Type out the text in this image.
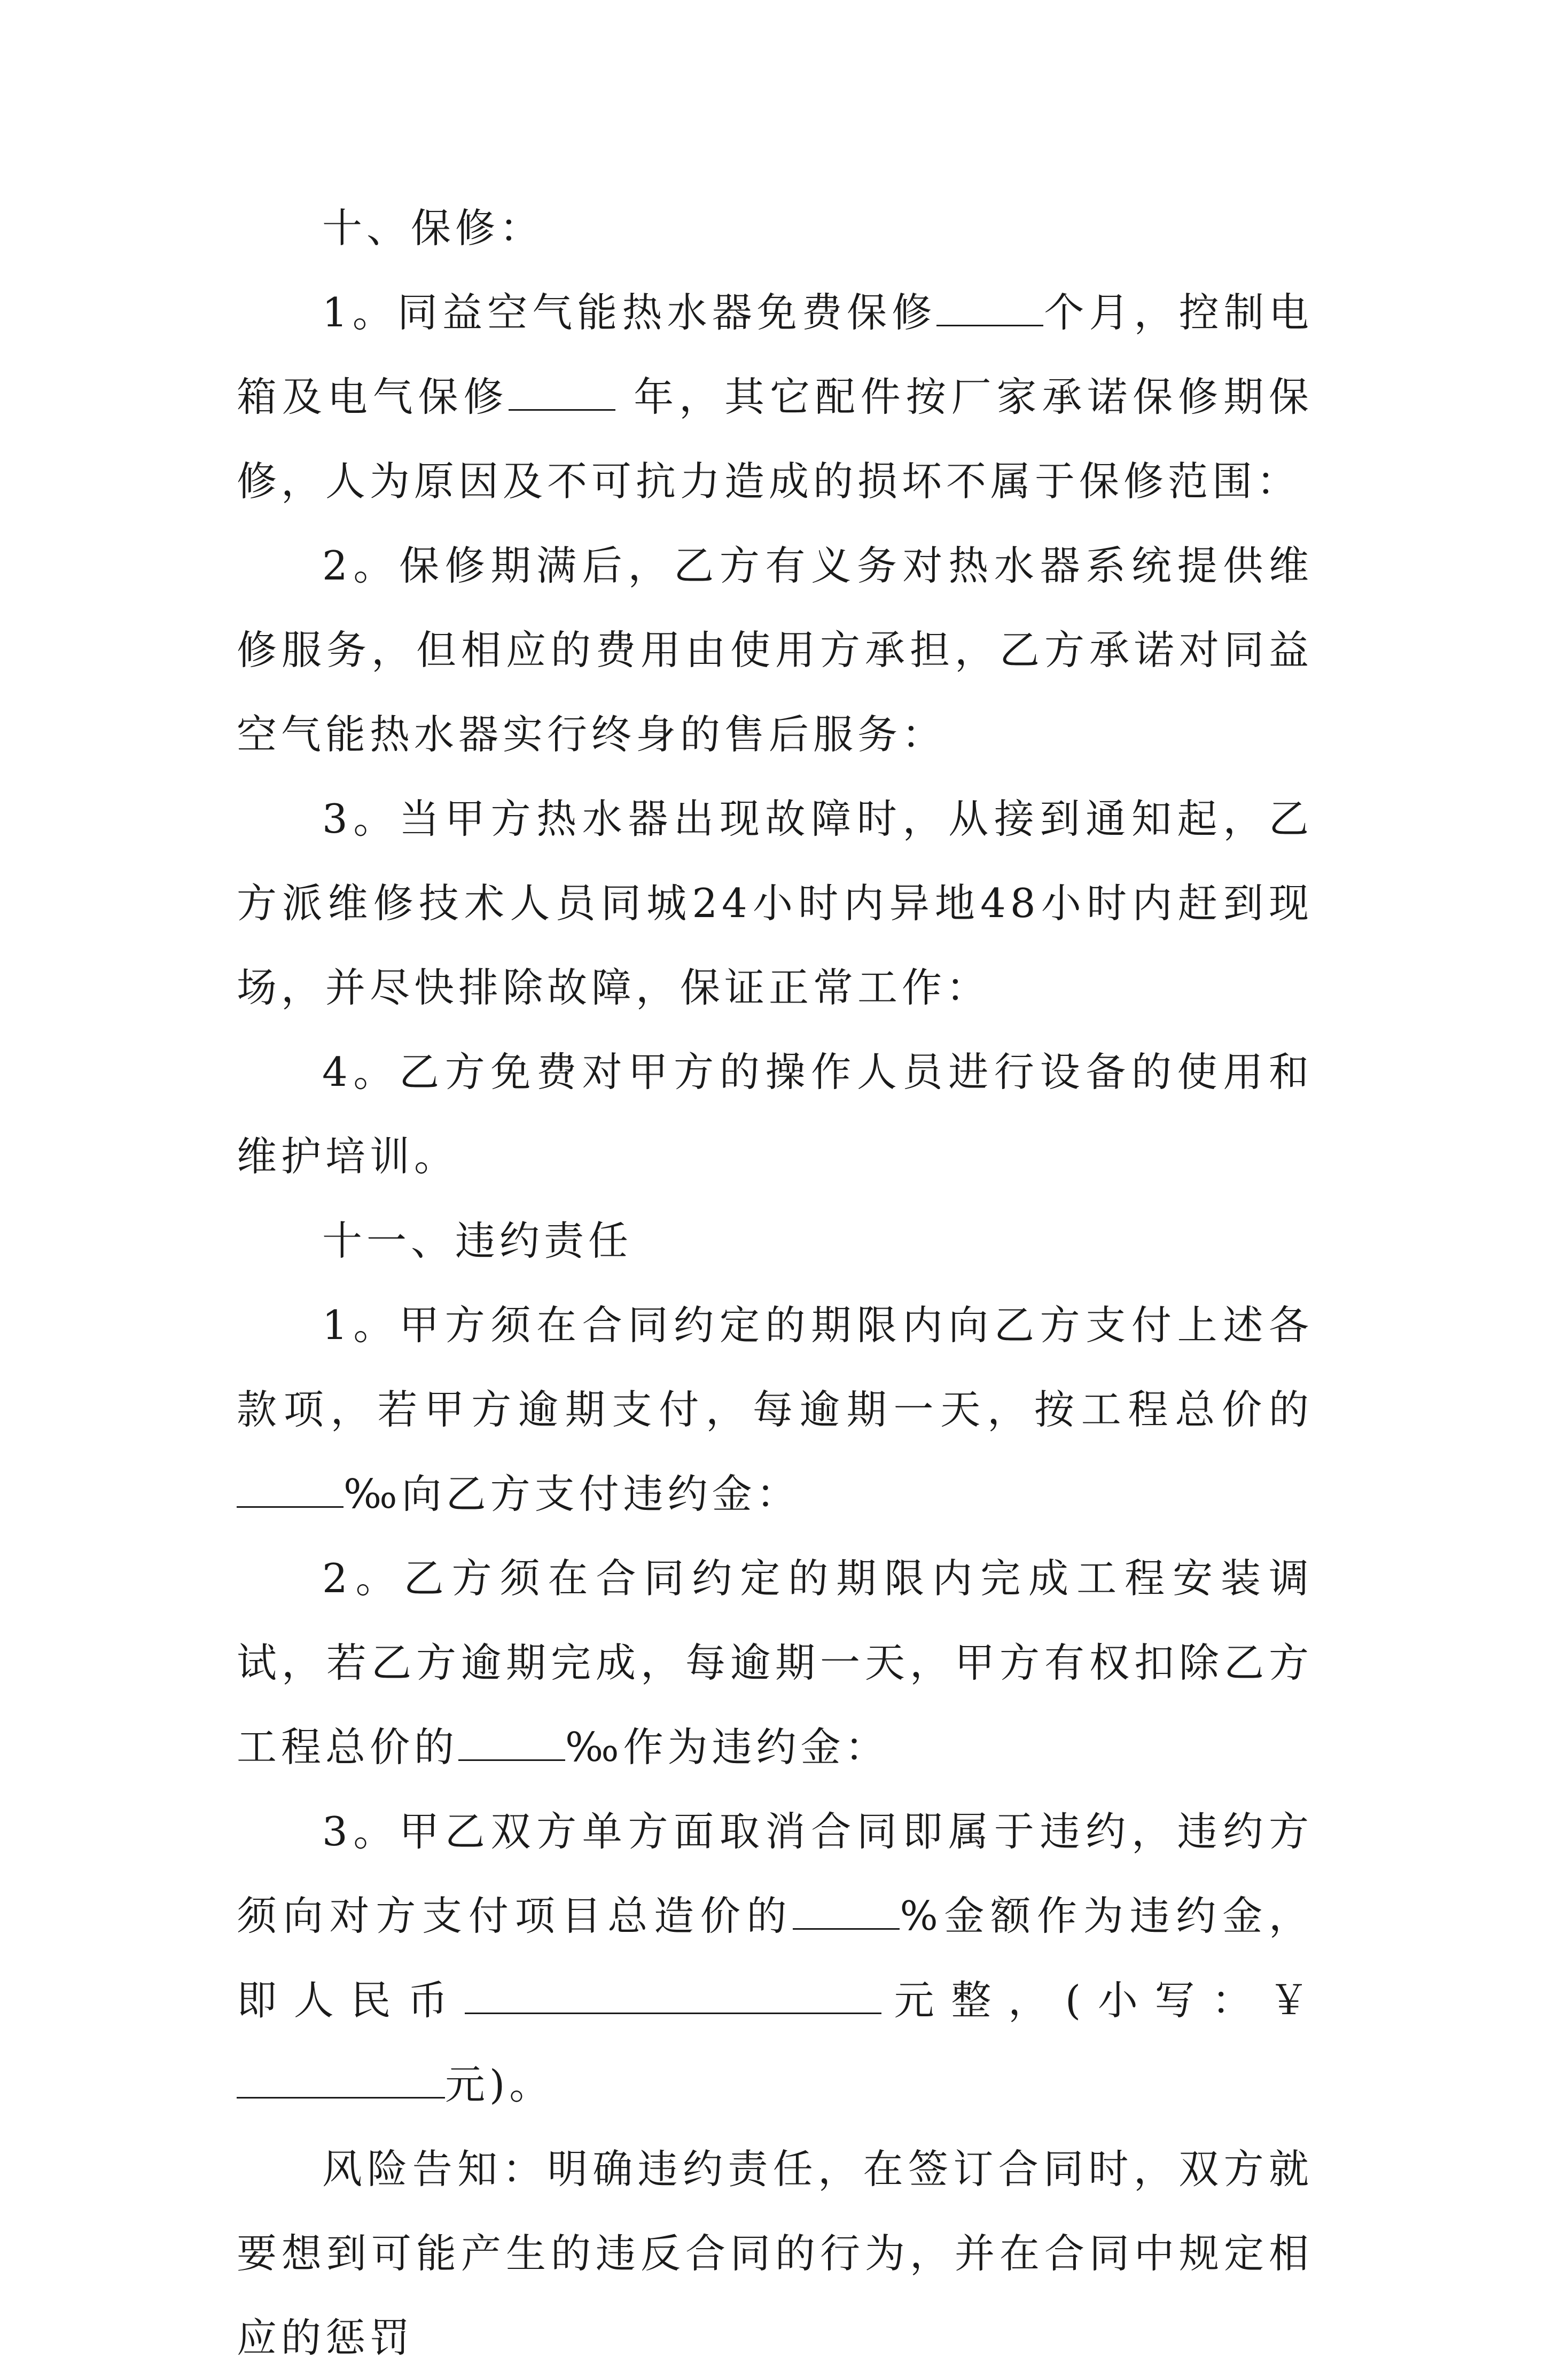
十、保修：

1。同益空气能热水器免费保修	个月，控制电箱及电气保修	年，其它配件按厂家承诺保修期保修，人为原因及不可抗力造成的损坏不属于保修范围：

2。保修期满后，乙方有义务对热水器系统提供维修服务，但相应的费用由使用方承担，乙方承诺对同益空气能热水器实行终身的售后服务：

3。当甲方热水器出现故障时，从接到通知起，乙方派维修技术人员同城24小时内异地48小时内赶到现场，并尽快排除故障，保证正常工作：

4。乙方免费对甲方的操作人员进行设备的使用和维护培训。

十一、违约责任

1。甲方须在合同约定的期限内向乙方支付上述各款项，若甲方逾期支付，每逾期一天，按工程总价的‰向乙方支付违约金：

2。乙方须在合同约定的期限内完成工程安装调试，若乙方逾期完成，每逾期一天，甲方有权扣除乙方工程总价的	‰作为违约金：

3。甲乙双方单方面取消合同即属于违约，违约方须向对方支付项目总造价的	%金额作为违约金，即人民币	元整，(小写：￥元)。

风险告知：明确违约责任，在签订合同时，双方就要想到可能产生的违反合同的行为，并在合同中规定相应的惩罚
